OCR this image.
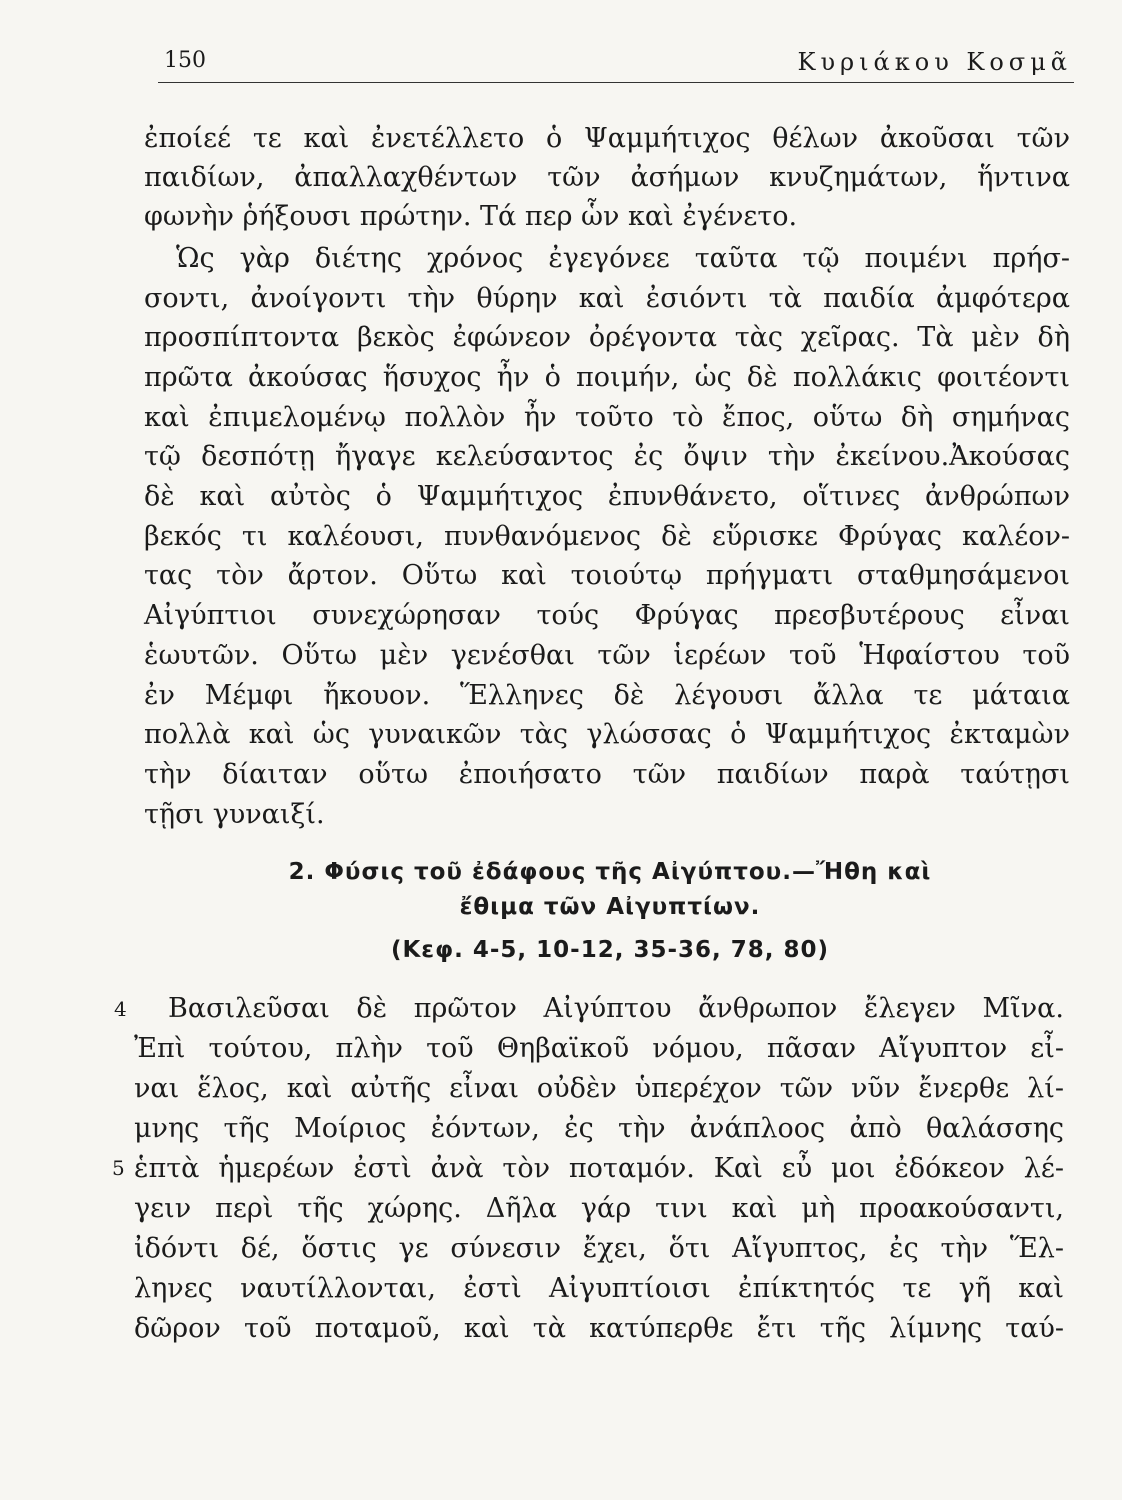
150	Κυριάκου Κοσμᾶ
ἐποίεέ τε καὶ ἐνετέλλετο ὁ Ψαμμήτιχος θέλων ἀκοῦσαι τῶν
παιδίων, ἀπαλλαχθέντων τῶν ἀσήμων κνυζημάτων, ἥντινα
φωνὴν ῥήξουσι πρώτην. Τά περ ὧν καὶ ἐγένετο.
Ὡς γὰρ διέτης χρόνος ἐγεγόνεε ταῦτα τῷ ποιμένι πρήσ-
σοντι, ἀνοίγοντι τὴν θύρην καὶ ἐσιόντι τὰ παιδία ἀμφότερα
προσπίπτοντα βεκὸς ἐφώνεον ὀρέγοντα τὰς χεῖρας. Τὰ μὲν δὴ
πρῶτα ἀκούσας ἥσυχος ἦν ὁ ποιμήν, ὡς δὲ πολλάκις φοιτέοντι
καὶ ἐπιμελομένῳ πολλὸν ἦν τοῦτο τὸ ἔπος, οὕτω δὴ σημήνας
τῷ δεσπότῃ ἤγαγε κελεύσαντος ἐς ὄψιν τὴν ἐκείνου.Ἀκούσας
δὲ καὶ αὐτὸς ὁ Ψαμμήτιχος ἐπυνθάνετο, οἵτινες ἀνθρώπων
βεκός τι καλέουσι, πυνθανόμενος δὲ εὕρισκε Φρύγας καλέον-
τας τὸν ἄρτον. Οὕτω καὶ τοιούτῳ πρήγματι σταθμησάμενοι
Αἰγύπτιοι συνεχώρησαν τούς Φρύγας πρεσβυτέρους εἶναι
ἑωυτῶν. Οὕτω μὲν γενέσθαι τῶν ἱερέων τοῦ Ἡφαίστου τοῦ
ἐν Μέμφι ἤκουον. Ἕλληνες δὲ λέγουσι ἄλλα τε μάταια
πολλὰ καὶ ὡς γυναικῶν τὰς γλώσσας ὁ Ψαμμήτιχος ἐκταμὼν
τὴν δίαιταν οὕτω ἐποιήσατο τῶν παιδίων παρὰ ταύτῃσι
τῇσι γυναιξί.
2. Φύσις τοῦ ἐδάφους τῆς Αἰγύπτου.—Ἤθη καὶ
ἔθιμα τῶν Αἰγυπτίων.
(Κεφ. 4-5, 10-12, 35-36, 78, 80)
4
5
Βασιλεῦσαι δὲ πρῶτον Αἰγύπτου ἄνθρωπον ἔλεγεν Μῖνα.
Ἐπὶ τούτου, πλὴν τοῦ Θηβαϊκοῦ νόμου, πᾶσαν Αἴγυπτον εἶ-
ναι ἕλος, καὶ αὐτῆς εἶναι οὐδὲν ὑπερέχον τῶν νῦν ἔνερθε λί-
μνης τῆς Μοίριος ἐόντων, ἐς τὴν ἀνάπλοος ἀπὸ θαλάσσης
ἑπτὰ ἡμερέων ἐστὶ ἀνὰ τὸν ποταμόν. Καὶ εὖ μοι ἐδόκεον λέ-
γειν περὶ τῆς χώρης. Δῆλα γάρ τινι καὶ μὴ προακούσαντι,
ἰδόντι δέ, ὅστις γε σύνεσιν ἔχει, ὅτι Αἴγυπτος, ἐς τὴν Ἕλ-
ληνες ναυτίλλονται, ἐστὶ Αἰγυπτίοισι ἐπίκτητός τε γῆ καὶ
δῶρον τοῦ ποταμοῦ, καὶ τὰ κατύπερθε ἔτι τῆς λίμνης ταύ-
